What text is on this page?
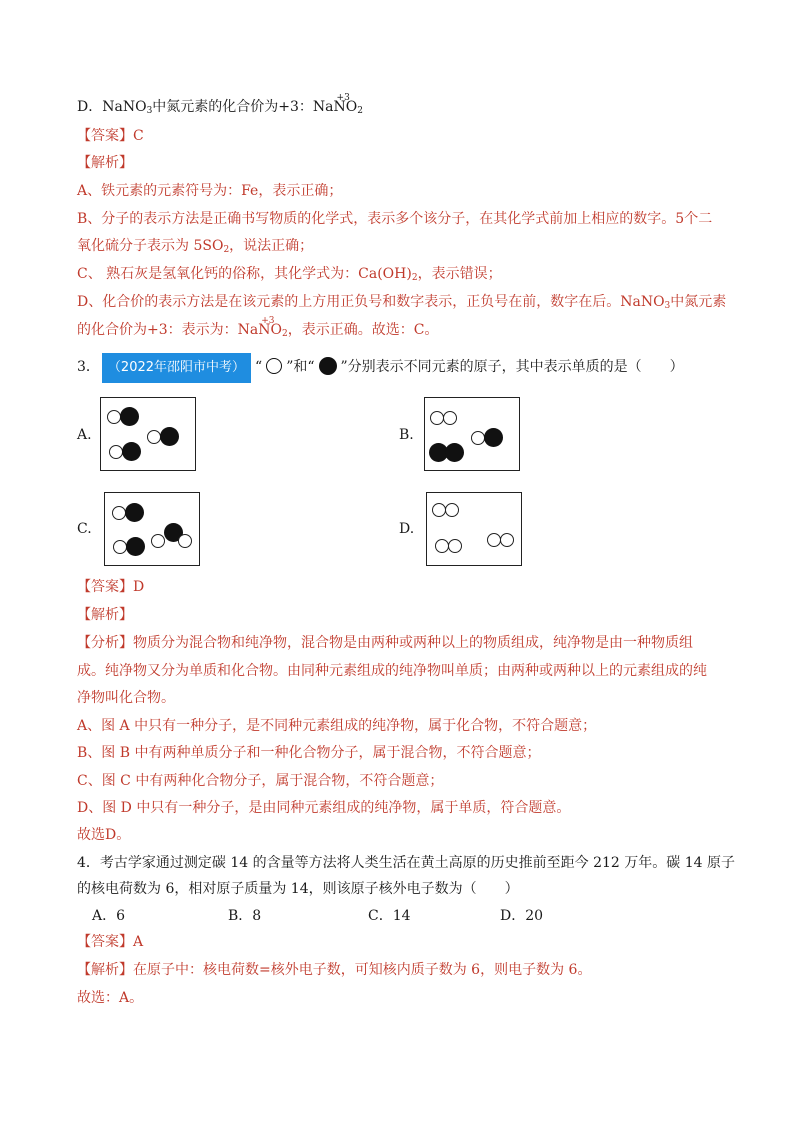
D．NaNO$_3$中氮元素的化合价为+3：Na
+3
$NO_2$
【答案】C
【解析】
A、铁元素的元素符号为：Fe，表示正确；
B、分子的表示方法是正确书写物质的化学式，表示多个该分子，在其化学式前加上相应的数字。5个二
氧化硫分子表示为 $5SO_2$，说法正确；
C、 熟石灰是氢氧化钙的俗称，其化学式为：$Ca(OH)_2$，表示错误；
D、化合价的表示方法是在该元素的上方用正负号和数字表示，正负号在前，数字在后。NaNO$_3$中氮元素
的化合价为+3：表示为：Na
+3
$NO_2$，表示正确。故选：C。
3． （2022年邵阳市中考） “ ”和“ ”分别表示不同元素的原子，其中表示单质的是（　　）
A.	B.
C.	D.
【答案】D
【解析】
【分析】物质分为混合物和纯净物，混合物是由两种或两种以上的物质组成，纯净物是由一种物质组
成。纯净物又分为单质和化合物。由同种元素组成的纯净物叫单质；由两种或两种以上的元素组成的纯
净物叫化合物。
A、图 A 中只有一种分子，是不同种元素组成的纯净物，属于化合物，不符合题意；
B、图 B 中有两种单质分子和一种化合物分子，属于混合物，不符合题意；
C、图 C 中有两种化合物分子，属于混合物，不符合题意；
D、图 D 中只有一种分子，是由同种元素组成的纯净物，属于单质，符合题意。
故选D。
4．考古学家通过测定碳 14 的含量等方法将人类生活在黄土高原的历史推前至距今 212 万年。碳 14 原子
的核电荷数为 6，相对原子质量为 14，则该原子核外电子数为（　　）
A．6	B．8	C．14	D．20
【答案】A
【解析】在原子中：核电荷数=核外电子数，可知核内质子数为 6，则电子数为 6。
故选：A。
